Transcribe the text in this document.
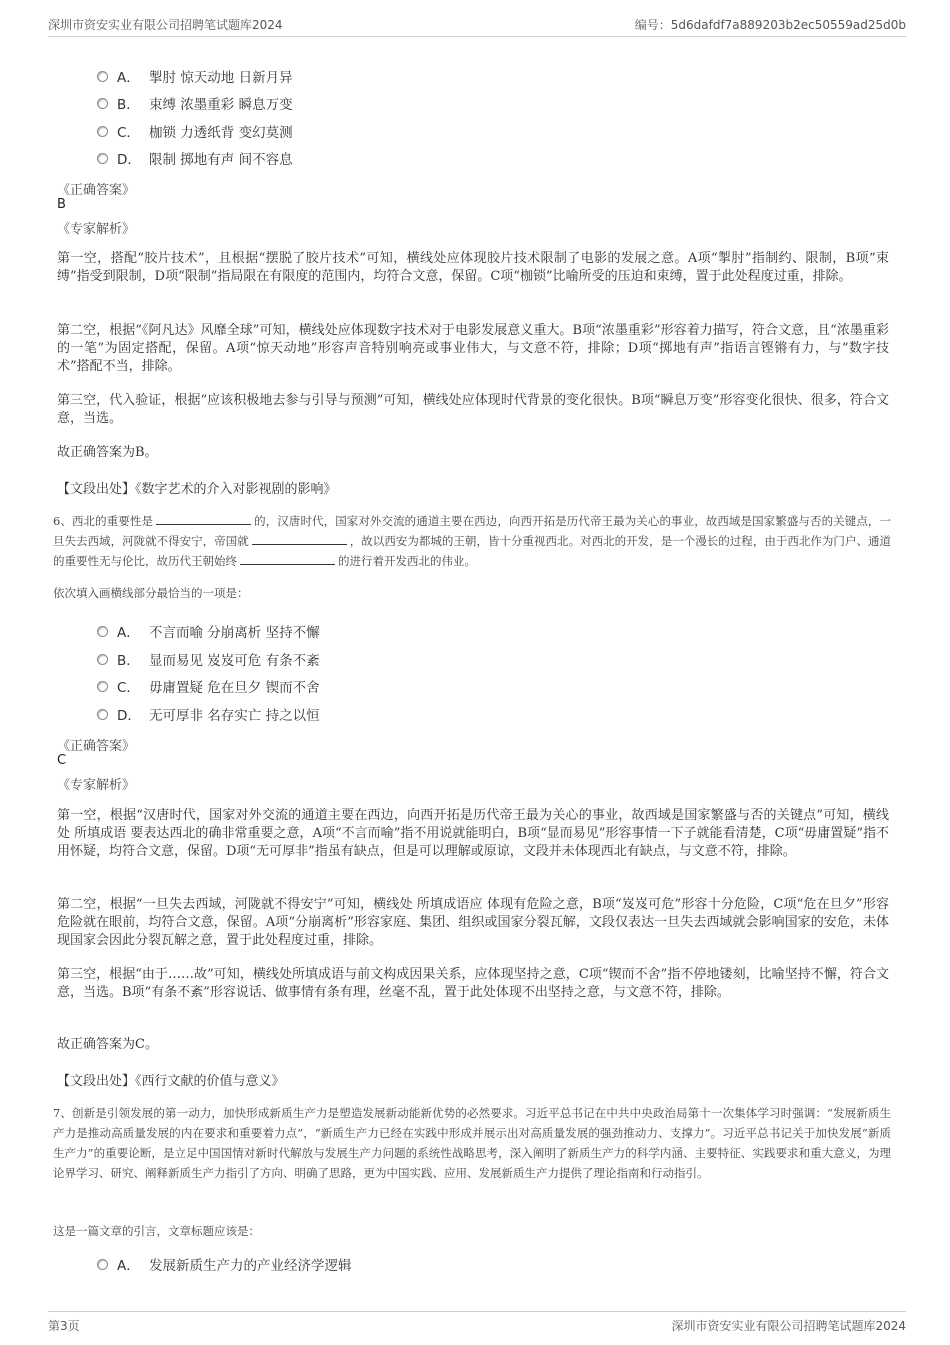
深圳市资安实业有限公司招聘笔试题库2024	编号：5d6dafdf7a889203b2ec50559ad25d0b
A． 掣肘 惊天动地 日新月异
B． 束缚 浓墨重彩 瞬息万变
C． 枷锁 力透纸背 变幻莫测
D． 限制 掷地有声 间不容息
《正确答案》
B
《专家解析》
第一空，搭配“胶片技术”，且根据“摆脱了胶片技术”可知，横线处应体现胶片技术限制了电影的发展之意。A项“掣肘”指制约、限制，B项“束缚”指受到限制，D项“限制”指局限在有限度的范围内，均符合文意，保留。C项“枷锁”比喻所受的压迫和束缚，置于此处程度过重，排除。
第二空，根据“《阿凡达》风靡全球”可知，横线处应体现数字技术对于电影发展意义重大。B项“浓墨重彩”形容着力描写，符合文意，且“浓墨重彩的一笔”为固定搭配，保留。A项“惊天动地”形容声音特别响亮或事业伟大，与文意不符，排除；D项“掷地有声”指语言铿锵有力，与“数字技术”搭配不当，排除。
第三空，代入验证，根据“应该积极地去参与引导与预测”可知，横线处应体现时代背景的变化很快。B项“瞬息万变”形容变化很快、很多，符合文意，当选。
故正确答案为B。
【文段出处】《数字艺术的介入对影视剧的影响》
6、西北的重要性是	的，汉唐时代，国家对外交流的通道主要在西边，向西开拓是历代帝王最为关心的事业，故西域是国家繁盛与否的关键点，一旦失去西域，河陇就不得安宁，帝国就	，故以西安为都城的王朝，皆十分重视西北。对西北的开发，是一个漫长的过程，由于西北作为门户、通道的重要性无与伦比，故历代王朝始终	的进行着开发西北的伟业。
依次填入画横线部分最恰当的一项是：
A． 不言而喻 分崩离析 坚持不懈
B． 显而易见 岌岌可危 有条不紊
C． 毋庸置疑 危在旦夕 锲而不舍
D． 无可厚非 名存实亡 持之以恒
《正确答案》
C
《专家解析》
第一空，根据“汉唐时代，国家对外交流的通道主要在西边，向西开拓是历代帝王最为关心的事业，故西域是国家繁盛与否的关键点”可知，横线处 所填成语 要表达西北的确非常重要之意，A项“不言而喻”指不用说就能明白，B项“显而易见”形容事情一下子就能看清楚，C项“毋庸置疑”指不用怀疑，均符合文意，保留。D项“无可厚非”指虽有缺点，但是可以理解或原谅，文段并未体现西北有缺点，与文意不符，排除。
第二空，根据“一旦失去西域，河陇就不得安宁”可知，横线处 所填成语应 体现有危险之意，B项“岌岌可危”形容十分危险，C项“危在旦夕”形容危险就在眼前，均符合文意，保留。A项“分崩离析”形容家庭、集团、组织或国家分裂瓦解，文段仅表达一旦失去西域就会影响国家的安危，未体现国家会因此分裂瓦解之意，置于此处程度过重，排除。
第三空，根据“由于……故”可知，横线处所填成语与前文构成因果关系，应体现坚持之意，C项“锲而不舍”指不停地镂刻，比喻坚持不懈，符合文意，当选。B项“有条不紊”形容说话、做事情有条有理，丝毫不乱，置于此处体现不出坚持之意，与文意不符，排除。
故正确答案为C。
【文段出处】《西行文献的价值与意义》
7、创新是引领发展的第一动力，加快形成新质生产力是塑造发展新动能新优势的必然要求。习近平总书记在中共中央政治局第十一次集体学习时强调：“发展新质生产力是推动高质量发展的内在要求和重要着力点”，“新质生产力已经在实践中形成并展示出对高质量发展的强劲推动力、支撑力”。习近平总书记关于加快发展“新质生产力”的重要论断，是立足中国国情对新时代解放与发展生产力问题的系统性战略思考，深入阐明了新质生产力的科学内涵、主要特征、实践要求和重大意义，为理论界学习、研究、阐释新质生产力指引了方向、明确了思路，更为中国实践、应用、发展新质生产力提供了理论指南和行动指引。
这是一篇文章的引言，文章标题应该是：
A． 发展新质生产力的产业经济学逻辑
第3页	深圳市资安实业有限公司招聘笔试题库2024
